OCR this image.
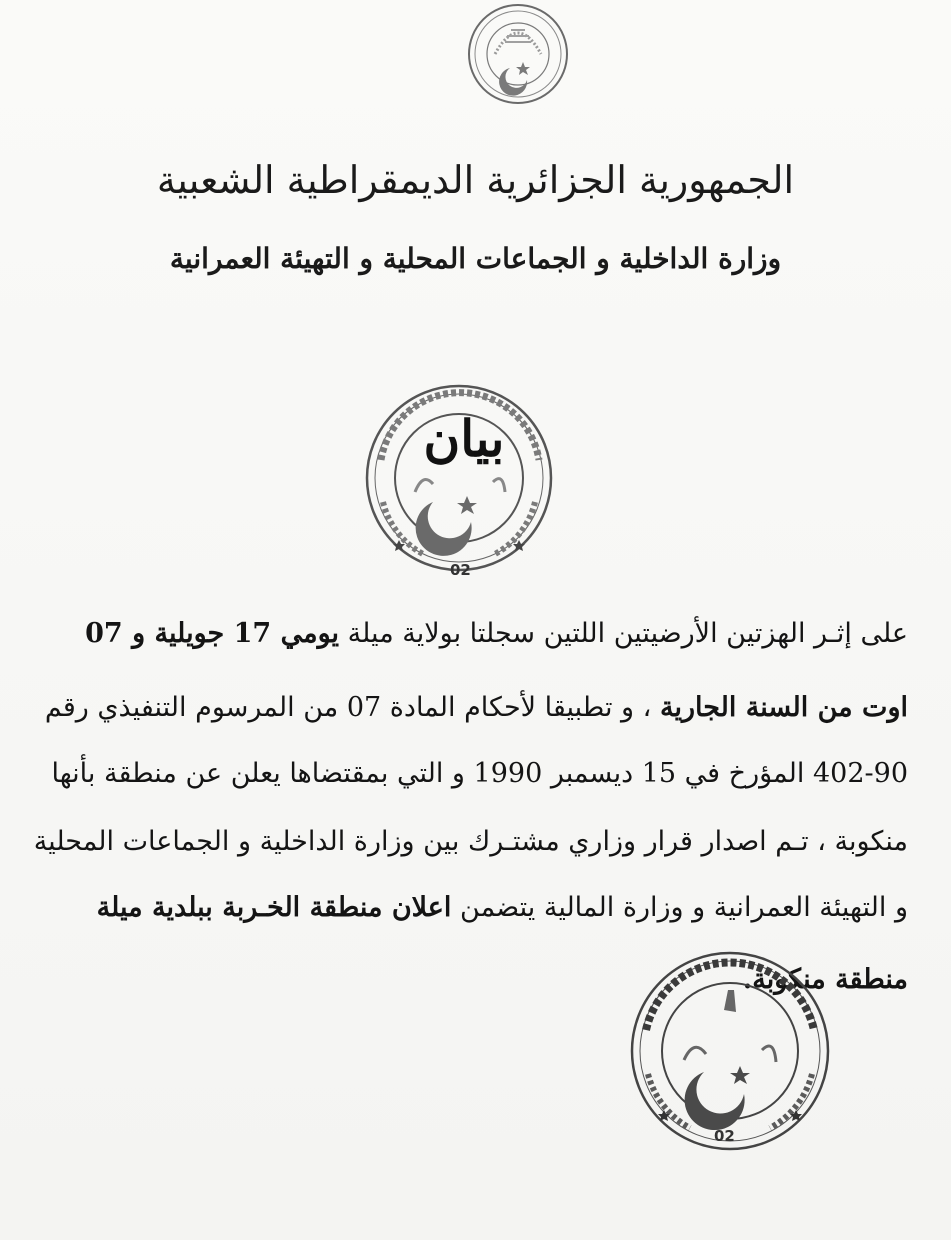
الجمهورية الجزائرية الديمقراطية الشعبية
وزارة الداخلية و الجماعات المحلية و التهيئة العمرانية
بيان
02
على إثـر الهزتين الأرضيتين اللتين سجلتا بولاية ميلة يومي 17 جويلية و 07
اوت من السنة الجارية ، و تطبيقا لأحكام المادة 07 من المرسوم التنفيذي رقم
402-90 المؤرخ في 15 ديسمبر 1990 و التي بمقتضاها يعلن عن منطقة بأنها
منكوبة ، تـم اصدار قرار وزاري مشتـرك بين وزارة الداخلية و الجماعات المحلية
و التهيئة العمرانية و وزارة المالية يتضمن اعلان منطقة الخـربة ببلدية ميلة
منطقة منكوبة.
02
